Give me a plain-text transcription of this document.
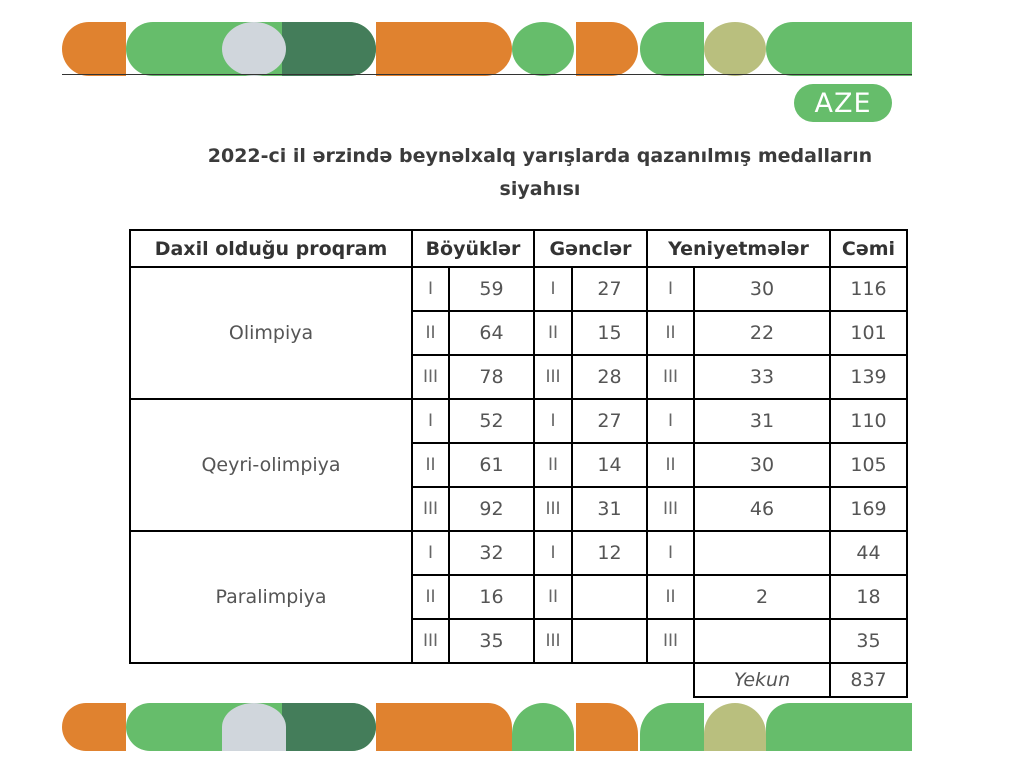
AZE
2022-ci il ərzində beynəlxalq yarışlarda qazanılmış medalların
siyahısı
Daxil olduğu proqram	Böyüklər		Gənclər		Yeniyetmələr		Cəmi
Olimpiya	I	59	I	27	I	30	116
	II	64	II	15	II	22	101
	III	78	III	28	III	33	139
Qeyri-olimpiya	I	52	I	27	I	31	110
	II	61	II	14	II	30	105
	III	92	III	31	III	46	169
Paralimpiya	I	32	I	12	I		44
	II	16	II		II	2	18
	III	35	III		III		35
						Yekun	837
